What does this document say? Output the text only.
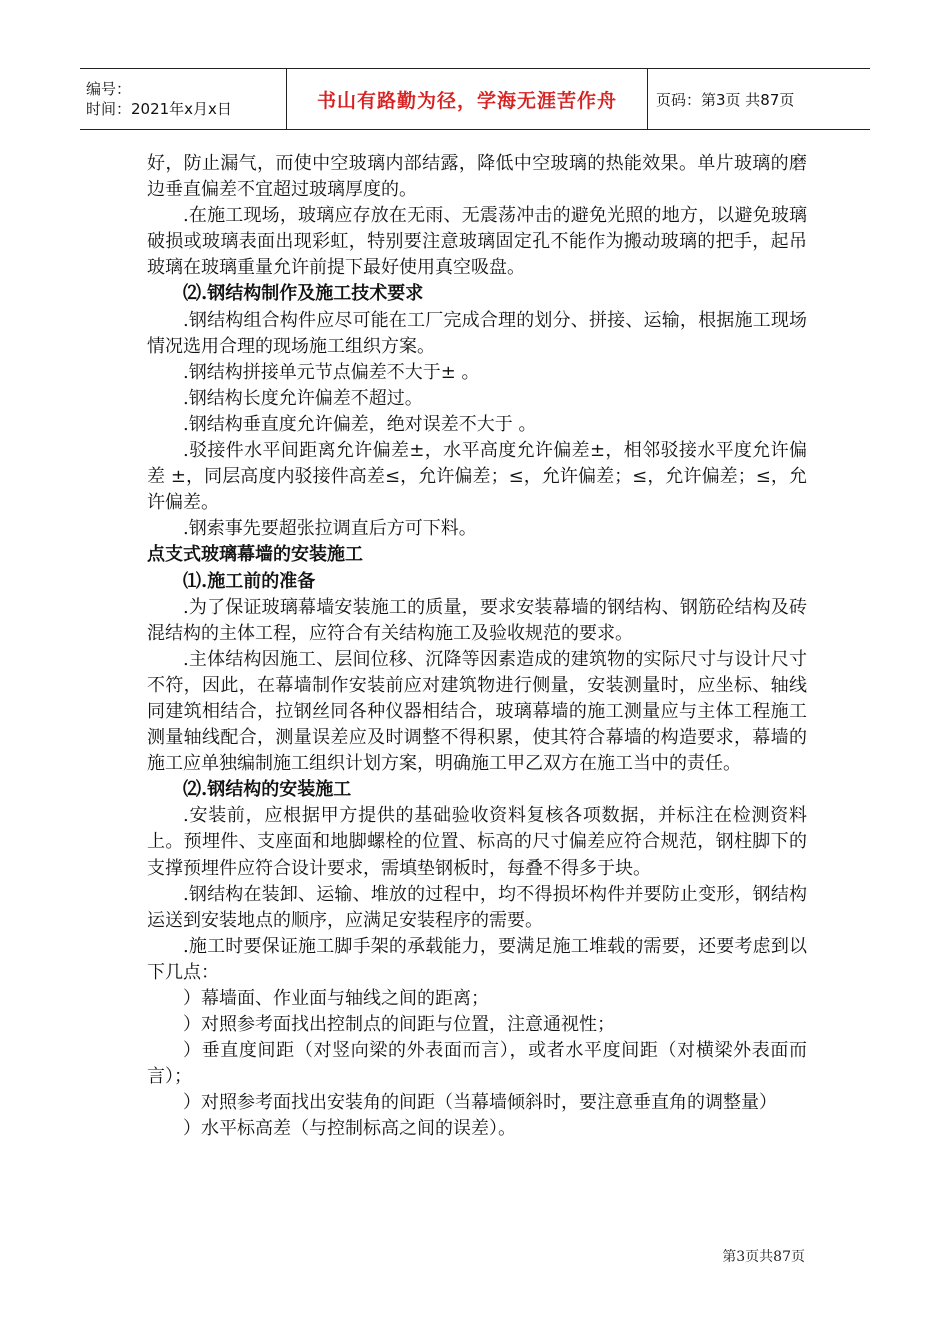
编号：
时间：2021年x月x日	书山有路勤为径，学海无涯苦作舟	页码：第3页 共87页

好，防止漏气，而使中空玻璃内部结露，降低中空玻璃的热能效果。单片玻璃的磨边垂直偏差不宜超过玻璃厚度的。

.在施工现场，玻璃应存放在无雨、无震荡冲击的避免光照的地方，以避免玻璃破损或玻璃表面出现彩虹，特别要注意玻璃固定孔不能作为搬动玻璃的把手，起吊玻璃在玻璃重量允许前提下最好使用真空吸盘。

⑵.钢结构制作及施工技术要求

.钢结构组合构件应尽可能在工厂完成合理的划分、拼接、运输，根据施工现场情况选用合理的现场施工组织方案。

.钢结构拼接单元节点偏差不大于± 。

.钢结构长度允许偏差不超过。

.钢结构垂直度允许偏差，绝对误差不大于 。

.驳接件水平间距离允许偏差±，水平高度允许偏差±，相邻驳接水平度允许偏差 ±，同层高度内驳接件高差≤，允许偏差；≤，允许偏差；≤，允许偏差；≤，允许偏差。

.钢索事先要超张拉调直后方可下料。

点支式玻璃幕墙的安装施工

⑴.施工前的准备

.为了保证玻璃幕墙安装施工的质量，要求安装幕墙的钢结构、钢筋砼结构及砖混结构的主体工程，应符合有关结构施工及验收规范的要求。

.主体结构因施工、层间位移、沉降等因素造成的建筑物的实际尺寸与设计尺寸不符，因此，在幕墙制作安装前应对建筑物进行侧量，安装测量时，应坐标、轴线同建筑相结合，拉钢丝同各种仪器相结合，玻璃幕墙的施工测量应与主体工程施工测量轴线配合，测量误差应及时调整不得积累，使其符合幕墙的构造要求，幕墙的施工应单独编制施工组织计划方案，明确施工甲乙双方在施工当中的责任。

⑵.钢结构的安装施工

.安装前，应根据甲方提供的基础验收资料复核各项数据，并标注在检测资料上。预埋件、支座面和地脚螺栓的位置、标高的尺寸偏差应符合规范，钢柱脚下的支撑预埋件应符合设计要求，需填垫钢板时，每叠不得多于块。

.钢结构在装卸、运输、堆放的过程中，均不得损坏构件并要防止变形，钢结构运送到安装地点的顺序，应满足安装程序的需要。

.施工时要保证施工脚手架的承载能力，要满足施工堆载的需要，还要考虑到以下几点：

）幕墙面、作业面与轴线之间的距离；

）对照参考面找出控制点的间距与位置，注意通视性；

）垂直度间距（对竖向梁的外表面而言），或者水平度间距（对横梁外表面而言）；

）对照参考面找出安装角的间距（当幕墙倾斜时，要注意垂直角的调整量）

）水平标高差（与控制标高之间的误差）。

第3页共87页
